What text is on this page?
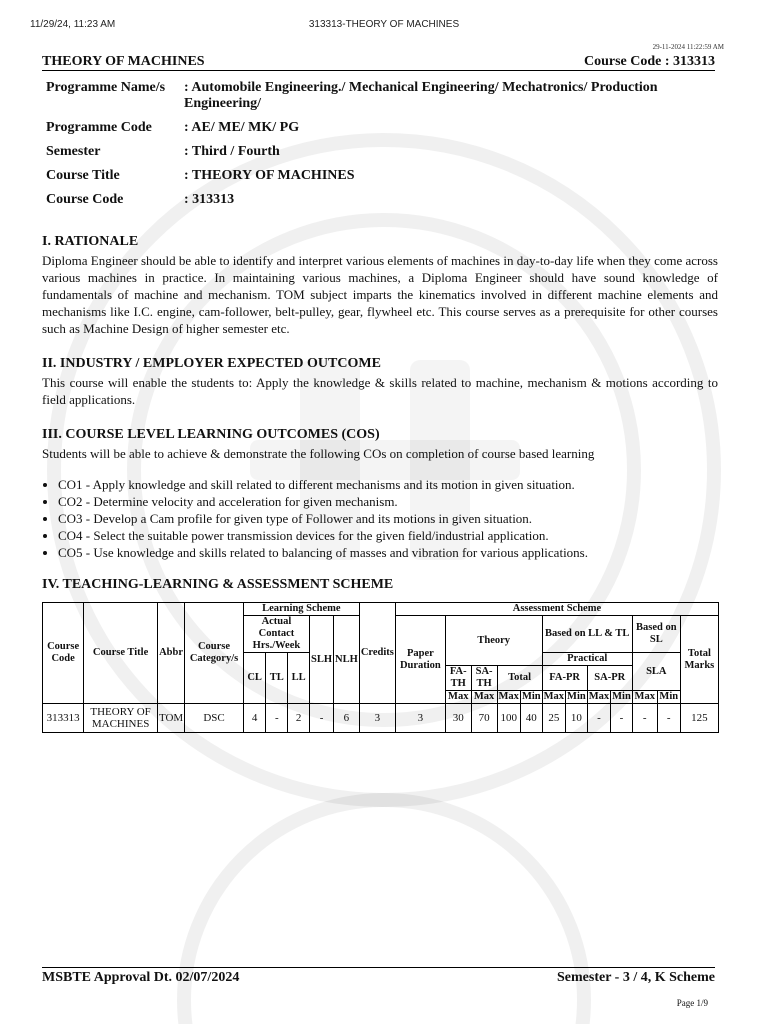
11/29/24, 11:23 AM	313313-THEORY OF MACHINES
29-11-2024 11:22:59 AM
THEORY OF MACHINES	Course Code : 313313
Programme Name/s	: Automobile Engineering./ Mechanical Engineering/ Mechatronics/ Production Engineering/
Programme Code	: AE/ ME/ MK/ PG
Semester	: Third / Fourth
Course Title	: THEORY OF MACHINES
Course Code	: 313313
I. RATIONALE

Diploma Engineer should be able to identify and interpret various elements of machines in day-to-day life when they come across various machines in practice. In maintaining various machines, a Diploma Engineer should have sound knowledge of fundamentals of machine and mechanism. TOM subject imparts the kinematics involved in different machine elements and mechanisms like I.C. engine, cam-follower, belt-pulley, gear, flywheel etc. This course serves as a prerequisite for other courses such as Machine Design of higher semester etc.

II. INDUSTRY / EMPLOYER EXPECTED OUTCOME

This course will enable the students to: Apply the knowledge & skills related to machine, mechanism & motions according to field applications.

III. COURSE LEVEL LEARNING OUTCOMES (COS)

Students will be able to achieve & demonstrate the following COs on completion of course based learning

• CO1 - Apply knowledge and skill related to different mechanisms and its motion in given situation.
• CO2 - Determine velocity and acceleration for given mechanism.
• CO3 - Develop a Cam profile for given type of Follower and its motions in given situation.
• CO4 - Select the suitable power transmission devices for the given field/industrial application.
• CO5 - Use knowledge and skills related to balancing of masses and vibration for various applications.
IV. TEACHING-LEARNING & ASSESSMENT SCHEME
Course Code	Course Title	Abbr	Course Category/s	Learning Scheme					Credits	Assessment Scheme											
				Actual Contact Hrs./Week			SLH	NLH		Paper Duration	Theory				Based on LL & TL				Based on SL		Total Marks
				CL	TL	LL									Practical				SLA		
											FA-TH	SA-TH	Total		FA-PR		SA-PR				
											Max	Max	Max	Min	Max	Min	Max	Min	Max	Min	
313313	THEORY OF MACHINES	TOM	DSC	4	-	2	-	6	3	3	30	70	100	40	25	10	-	-	-	-	125
MSBTE Approval Dt. 02/07/2024	Semester - 3 / 4, K Scheme
Page 1/9
